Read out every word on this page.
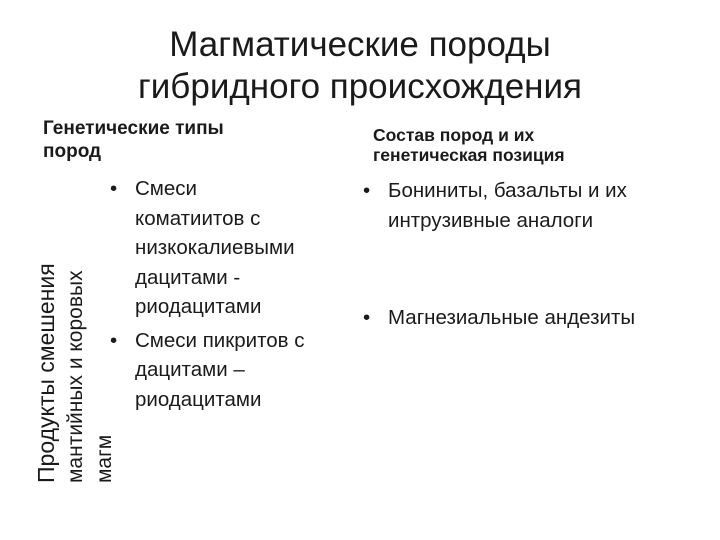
Магматические породы
гибридного происхождения
Генетические типы
пород
Состав пород и их
генетическая позиция
Продукты смешения мантийных и коровых магм
• Смеси
коматиитов с
низкокалиевыми
дацитами -
риодацитами
• Смеси пикритов с
дацитами –
риодацитами
• Бониниты, базальты и их
интрузивные аналоги
• Магнезиальные андезиты
